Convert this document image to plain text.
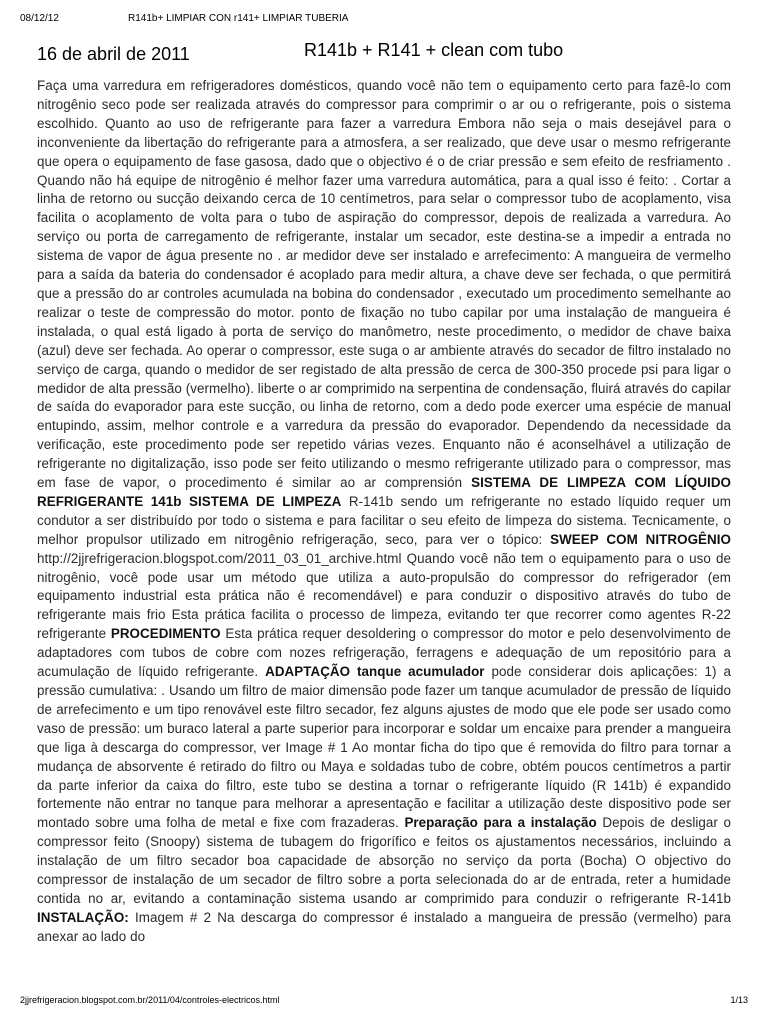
08/12/12	R141b+ LIMPIAR CON r141+ LIMPIAR TUBERIA
16 de abril de 2011	R141b + R141 + clean com tubo

Faça uma varredura em refrigeradores domésticos, quando você não tem o equipamento certo para fazê-lo com nitrogênio seco pode ser realizada através do compressor para comprimir o ar ou o refrigerante, pois o sistema escolhido. Quanto ao uso de refrigerante para fazer a varredura Embora não seja o mais desejável para o inconveniente da libertação do refrigerante para a atmosfera, a ser realizado, que deve usar o mesmo refrigerante que opera o equipamento de fase gasosa, dado que o objectivo é o de criar pressão e sem efeito de resfriamento . Quando não há equipe de nitrogênio é melhor fazer uma varredura automática, para a qual isso é feito: . Cortar a linha de retorno ou sucção deixando cerca de 10 centímetros, para selar o compressor tubo de acoplamento, visa facilita o acoplamento de volta para o tubo de aspiração do compressor, depois de realizada a varredura. Ao serviço ou porta de carregamento de refrigerante, instalar um secador, este destina-se a impedir a entrada no sistema de vapor de água presente no . ar medidor deve ser instalado e arrefecimento: A mangueira de vermelho para a saída da bateria do condensador é acoplado para medir altura, a chave deve ser fechada, o que permitirá que a pressão do ar controles acumulada na bobina do condensador , executado um procedimento semelhante ao realizar o teste de compressão do motor. ponto de fixação no tubo capilar por uma instalação de mangueira é instalada, o qual está ligado à porta de serviço do manômetro, neste procedimento, o medidor de chave baixa (azul) deve ser fechada. Ao operar o compressor, este suga o ar ambiente através do secador de filtro instalado no serviço de carga, quando o medidor de ser registado de alta pressão de cerca de 300-350 procede psi para ligar o medidor de alta pressão (vermelho). liberte o ar comprimido na serpentina de condensação, fluirá através do capilar de saída do evaporador para este sucção, ou linha de retorno, com a dedo pode exercer uma espécie de manual entupindo, assim, melhor controle e a varredura da pressão do evaporador. Dependendo da necessidade da verificação, este procedimento pode ser repetido várias vezes. Enquanto não é aconselhável a utilização de refrigerante no digitalização, isso pode ser feito utilizando o mesmo refrigerante utilizado para o compressor, mas em fase de vapor, o procedimento é similar ao ar comprensión SISTEMA DE LIMPEZA COM LÍQUIDO REFRIGERANTE 141b SISTEMA DE LIMPEZA R-141b sendo um refrigerante no estado líquido requer um condutor a ser distribuído por todo o sistema e para facilitar o seu efeito de limpeza do sistema. Tecnicamente, o melhor propulsor utilizado em nitrogênio refrigeração, seco, para ver o tópico: SWEEP COM NITROGÊNIO http://2jjrefrigeracion.blogspot.com/2011_03_01_archive.html Quando você não tem o equipamento para o uso de nitrogênio, você pode usar um método que utiliza a auto-propulsão do compressor do refrigerador (em equipamento industrial esta prática não é recomendável) e para conduzir o dispositivo através do tubo de refrigerante mais frio Esta prática facilita o processo de limpeza, evitando ter que recorrer como agentes R-22 refrigerante PROCEDIMENTO Esta prática requer desoldering o compressor do motor e pelo desenvolvimento de adaptadores com tubos de cobre com nozes refrigeração, ferragens e adequação de um repositório para a acumulação de líquido refrigerante. ADAPTAÇÃO tanque acumulador pode considerar dois aplicações: 1) a pressão cumulativa: . Usando um filtro de maior dimensão pode fazer um tanque acumulador de pressão de líquido de arrefecimento e um tipo renovável este filtro secador, fez alguns ajustes de modo que ele pode ser usado como vaso de pressão: um buraco lateral a parte superior para incorporar e soldar um encaixe para prender a mangueira que liga à descarga do compressor, ver Image # 1 Ao montar ficha do tipo que é removida do filtro para tornar a mudança de absorvente é retirado do filtro ou Maya e soldadas tubo de cobre, obtém poucos centímetros a partir da parte inferior da caixa do filtro, este tubo se destina a tornar o refrigerante líquido (R 141b) é expandido fortemente não entrar no tanque para melhorar a apresentação e facilitar a utilização deste dispositivo pode ser montado sobre uma folha de metal e fixe com frazaderas. Preparação para a instalação Depois de desligar o compressor feito (Snoopy) sistema de tubagem do frigorífico e feitos os ajustamentos necessários, incluindo a instalação de um filtro secador boa capacidade de absorção no serviço da porta (Bocha) O objectivo do compressor de instalação de um secador de filtro sobre a porta selecionada do ar de entrada, reter a humidade contida no ar, evitando a contaminação sistema usando ar comprimido para conduzir o refrigerante R-141b INSTALAÇÃO: Imagem # 2 Na descarga do compressor é instalado a mangueira de pressão (vermelho) para anexar ao lado do

2jjrefrigeracion.blogspot.com.br/2011/04/controles-electricos.html	1/13
